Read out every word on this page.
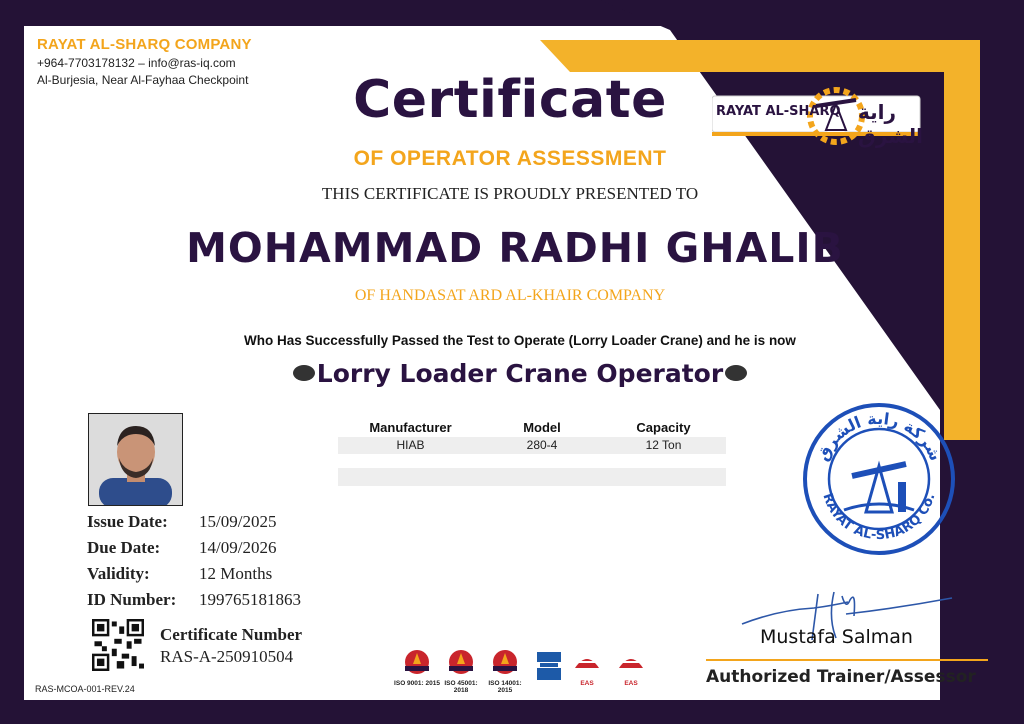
RAYAT AL-SHARQ COMPANY
+964-7703178132 – info@ras-iq.com
Al-Burjesia, Near Al-Fayhaa Checkpoint Certificate
OF OPERATOR ASSESSMENT
THIS CERTIFICATE IS PROUDLY PRESENTED TO
MOHAMMAD RADHI GHALIB
OF HANDASAT ARD AL-KHAIR COMPANY
Who Has Successfully Passed the Test to Operate (Lorry Loader Crane) and he is now
Lorry Loader Crane Operator
RAYAT AL-SHARQ راية الشرق
Manufacturer	Model	Capacity
HIAB	280-4	12 Ton
Issue Date:	15/09/2025
Due Date:	14/09/2026
Validity:	12 Months
ID Number:	199765181863
Certificate Number
RAS-A-250910504
RAS-MCOA-001-REV.24
ISO 9001: 2015 ISO 45001: 2018
ISO 14001: 2015
EAS	EAS
شركة راية الشرق
RAYAT AL-SHARQ Co.
Mustafa Salman
Authorized Trainer/Assessor
